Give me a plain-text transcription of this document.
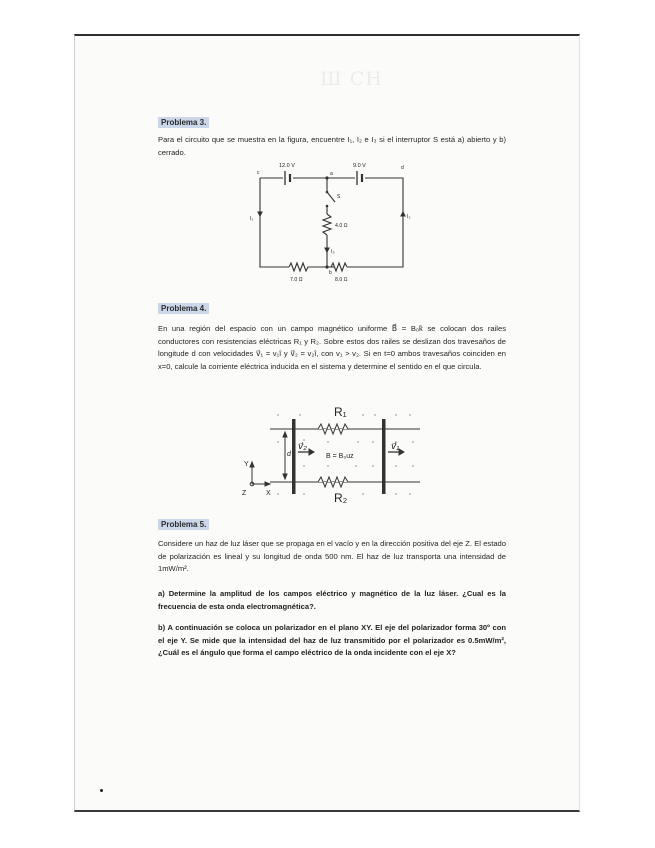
Ш СН
Problema 3.

Para el circuito que se muestra en la figura, encuentre I₁, I₂ e I₃ si el interruptor S está a) abierto y b) cerrado.

12.0 V	9.0 V
c	a
d
b
S
4.0 Ω
7.0 Ω	8.0 Ω
I₁	I₂
I₃
Problema 4.

En una región del espacio con un campo magnético uniforme B⃗ = B₀k̂ se colocan dos railes conductores con resistencias eléctricas R₁ y R₂. Sobre estos dos railes se deslizan dos travesaños de longitude d con velocidades v⃗₁ = v₁î y v⃗₂ = v₂î, con v₁ > v₂. Si en t=0 ambos travesaños coinciden en x=0, calcule la corriente eléctrica inducida en el sistema y determine el sentido en el que circula.

R₁
R₂
v⃗₂	v⃗₁
B = B₀uz
d
Y
Z	X
Problema 5.

Considere un haz de luz láser que se propaga en el vacío y en la dirección positiva del eje Z. El estado de polarización es lineal y su longitud de onda 500 nm. El haz de luz transporta una intensidad de 1mW/m².

a) Determine la amplitud de los campos eléctrico y magnético de la luz láser. ¿Cual es la frecuencia de esta onda electromagnética?.

b) A continuación se coloca un polarizador en el plano XY. El eje del polarizador forma 30º con el eje Y. Se mide que la intensidad del haz de luz transmitido por el polarizador es 0.5mW/m², ¿Cuál es el ángulo que forma el campo eléctrico de la onda incidente con el eje X?
